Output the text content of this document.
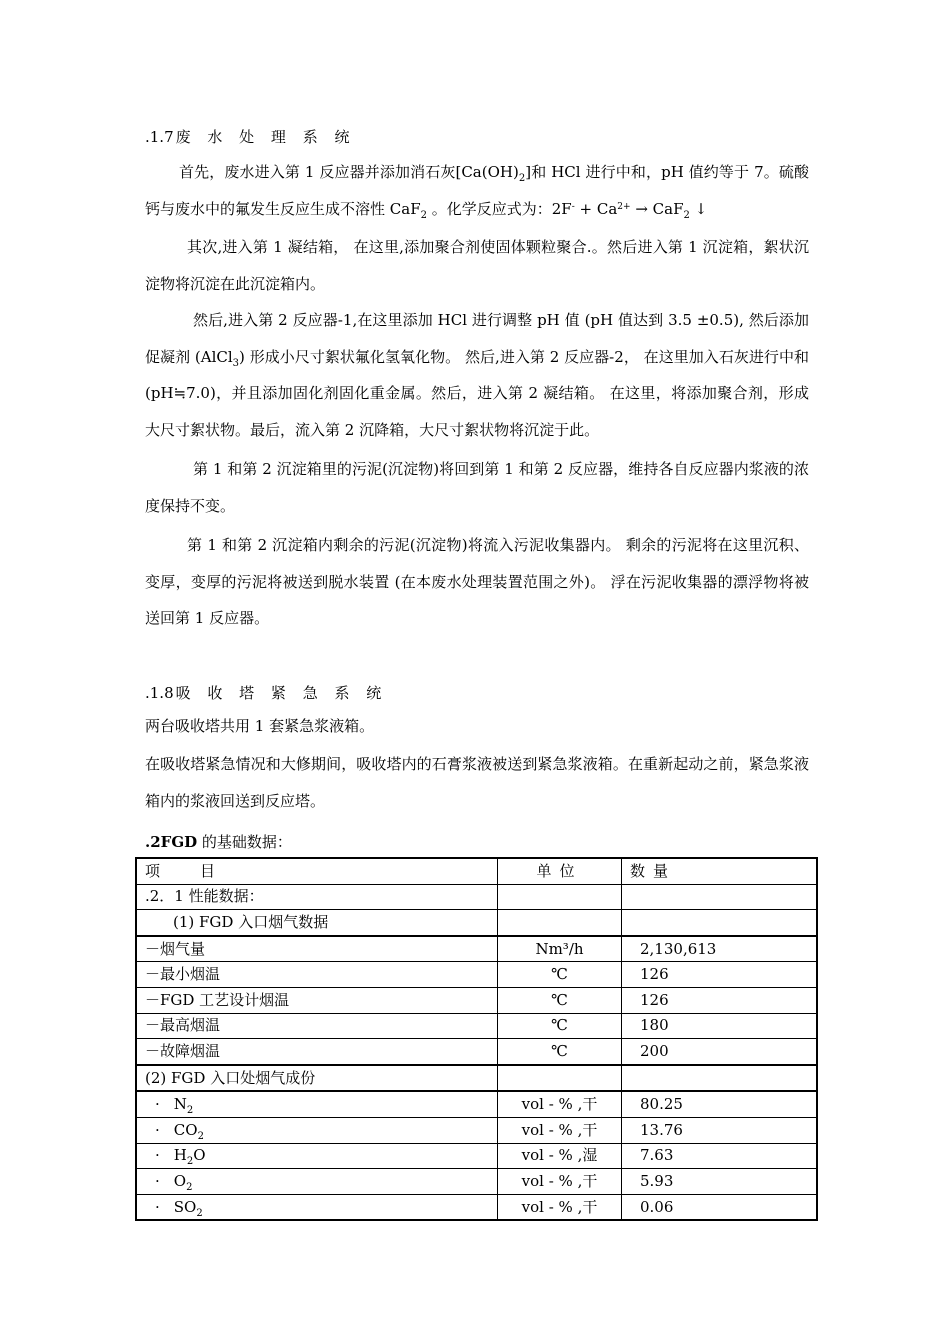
.1.7 废 水 处 理 系 统

首先，废水进入第 1 反应器并添加消石灰$[Ca(OH)_2]$和 HCl 进行中和，pH 值约等于 7。硫酸钙与废水中的氟发生反应生成不溶性 CaF$_2$ 。化学反应式为：$2F^- + Ca^{2+} \to CaF_2$ ↓

其次,进入第 1 凝结箱， 在这里,添加聚合剂使固体颗粒聚合.。然后进入第 1 沉淀箱，絮状沉淀物将沉淀在此沉淀箱内。

然后,进入第 2 反应器-1,在这里添加 HCl 进行调整 pH 值 (pH 值达到 3.5 ±0.5), 然后添加促凝剂 (AlCl$_3$) 形成小尺寸絮状氟化氢氧化物。 然后,进入第 2 反应器-2， 在这里加入石灰进行中和(pH≒7.0)，并且添加固化剂固化重金属。然后，进入第 2 凝结箱。 在这里，将添加聚合剂，形成大尺寸絮状物。最后，流入第 2 沉降箱，大尺寸絮状物将沉淀于此。

第 1 和第 2 沉淀箱里的污泥(沉淀物)将回到第 1 和第 2 反应器，维持各自反应器内浆液的浓度保持不变。

第 1 和第 2 沉淀箱内剩余的污泥(沉淀物)将流入污泥收集器内。 剩余的污泥将在这里沉积、变厚，变厚的污泥将被送到脱水装置 (在本废水处理装置范围之外)。 浮在污泥收集器的漂浮物将被送回第 1 反应器。

.1.8 吸 收 塔 紧 急 系 统

两台吸收塔共用 1 套紧急浆液箱。

在吸收塔紧急情况和大修期间，吸收塔内的石膏浆液被送到紧急浆液箱。在重新起动之前，紧急浆液箱内的浆液回送到反应塔。

.2FGD 的基础数据：
项 目	单位	数量
.2．1 性能数据：		
(1) FGD 入口烟气数据		
－烟气量	Nm³/h	2,130,613
－最小烟温	℃	126
－FGD 工艺设计烟温	℃	126
－最高烟温	℃	180
－故障烟温	℃	200
(2) FGD 入口处烟气成份		
· $N_2$	vol - % ,干	80.25
· $CO_2$	vol - % ,干	13.76
· $H_2O$	vol - % ,湿	7.63
· $O_2$	vol - % ,干	5.93
· $SO_2$	vol - % ,干	0.06
